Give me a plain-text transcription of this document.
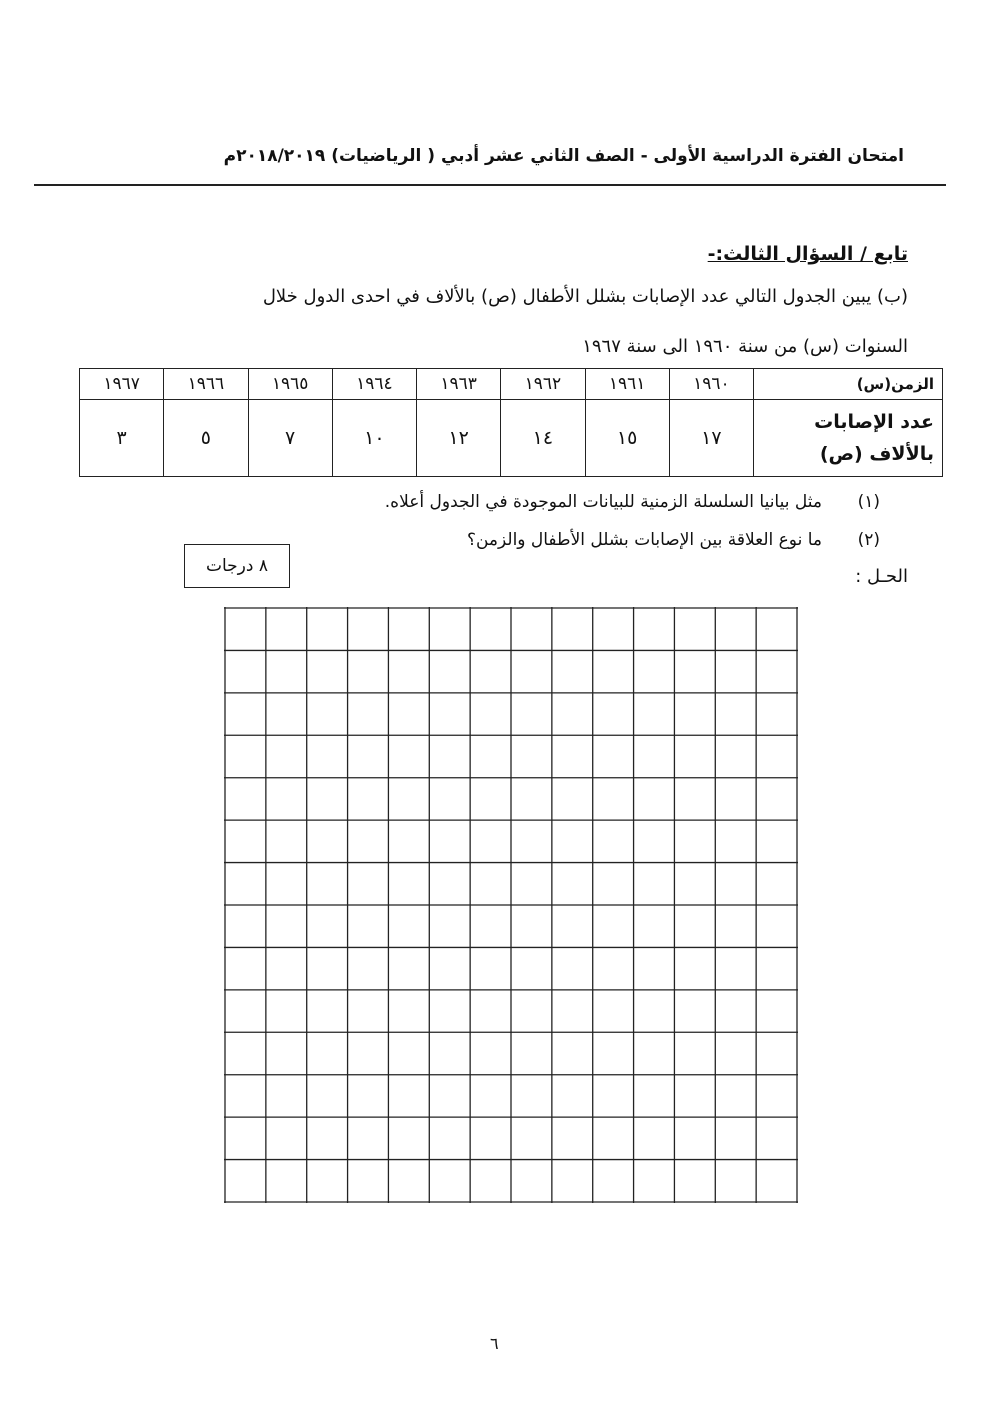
امتحان الفترة الدراسية الأولى - الصف الثاني عشر أدبي ( الرياضيات) ٢٠١٨/٢٠١٩م
تابع / السؤال الثالث:-
(ب) يبين الجدول التالي عدد الإصابات بشلل الأطفال (ص) بالألاف في احدى الدول خلال
السنوات (س) من سنة ١٩٦٠ الى سنة ١٩٦٧
الزمن(س)	١٩٦٠	١٩٦١	١٩٦٢	١٩٦٣	١٩٦٤	١٩٦٥	١٩٦٦	١٩٦٧
عدد الإصابات
بالألاف (ص)	١٧	١٥	١٤	١٢	١٠	٧	٥	٣
(١)مثل بيانيا السلسلة الزمنية للبيانات الموجودة في الجدول أعلاه.
(٢)ما نوع العلاقة بين الإصابات بشلل الأطفال والزمن؟
الحـل :
٨ درجات
٦
